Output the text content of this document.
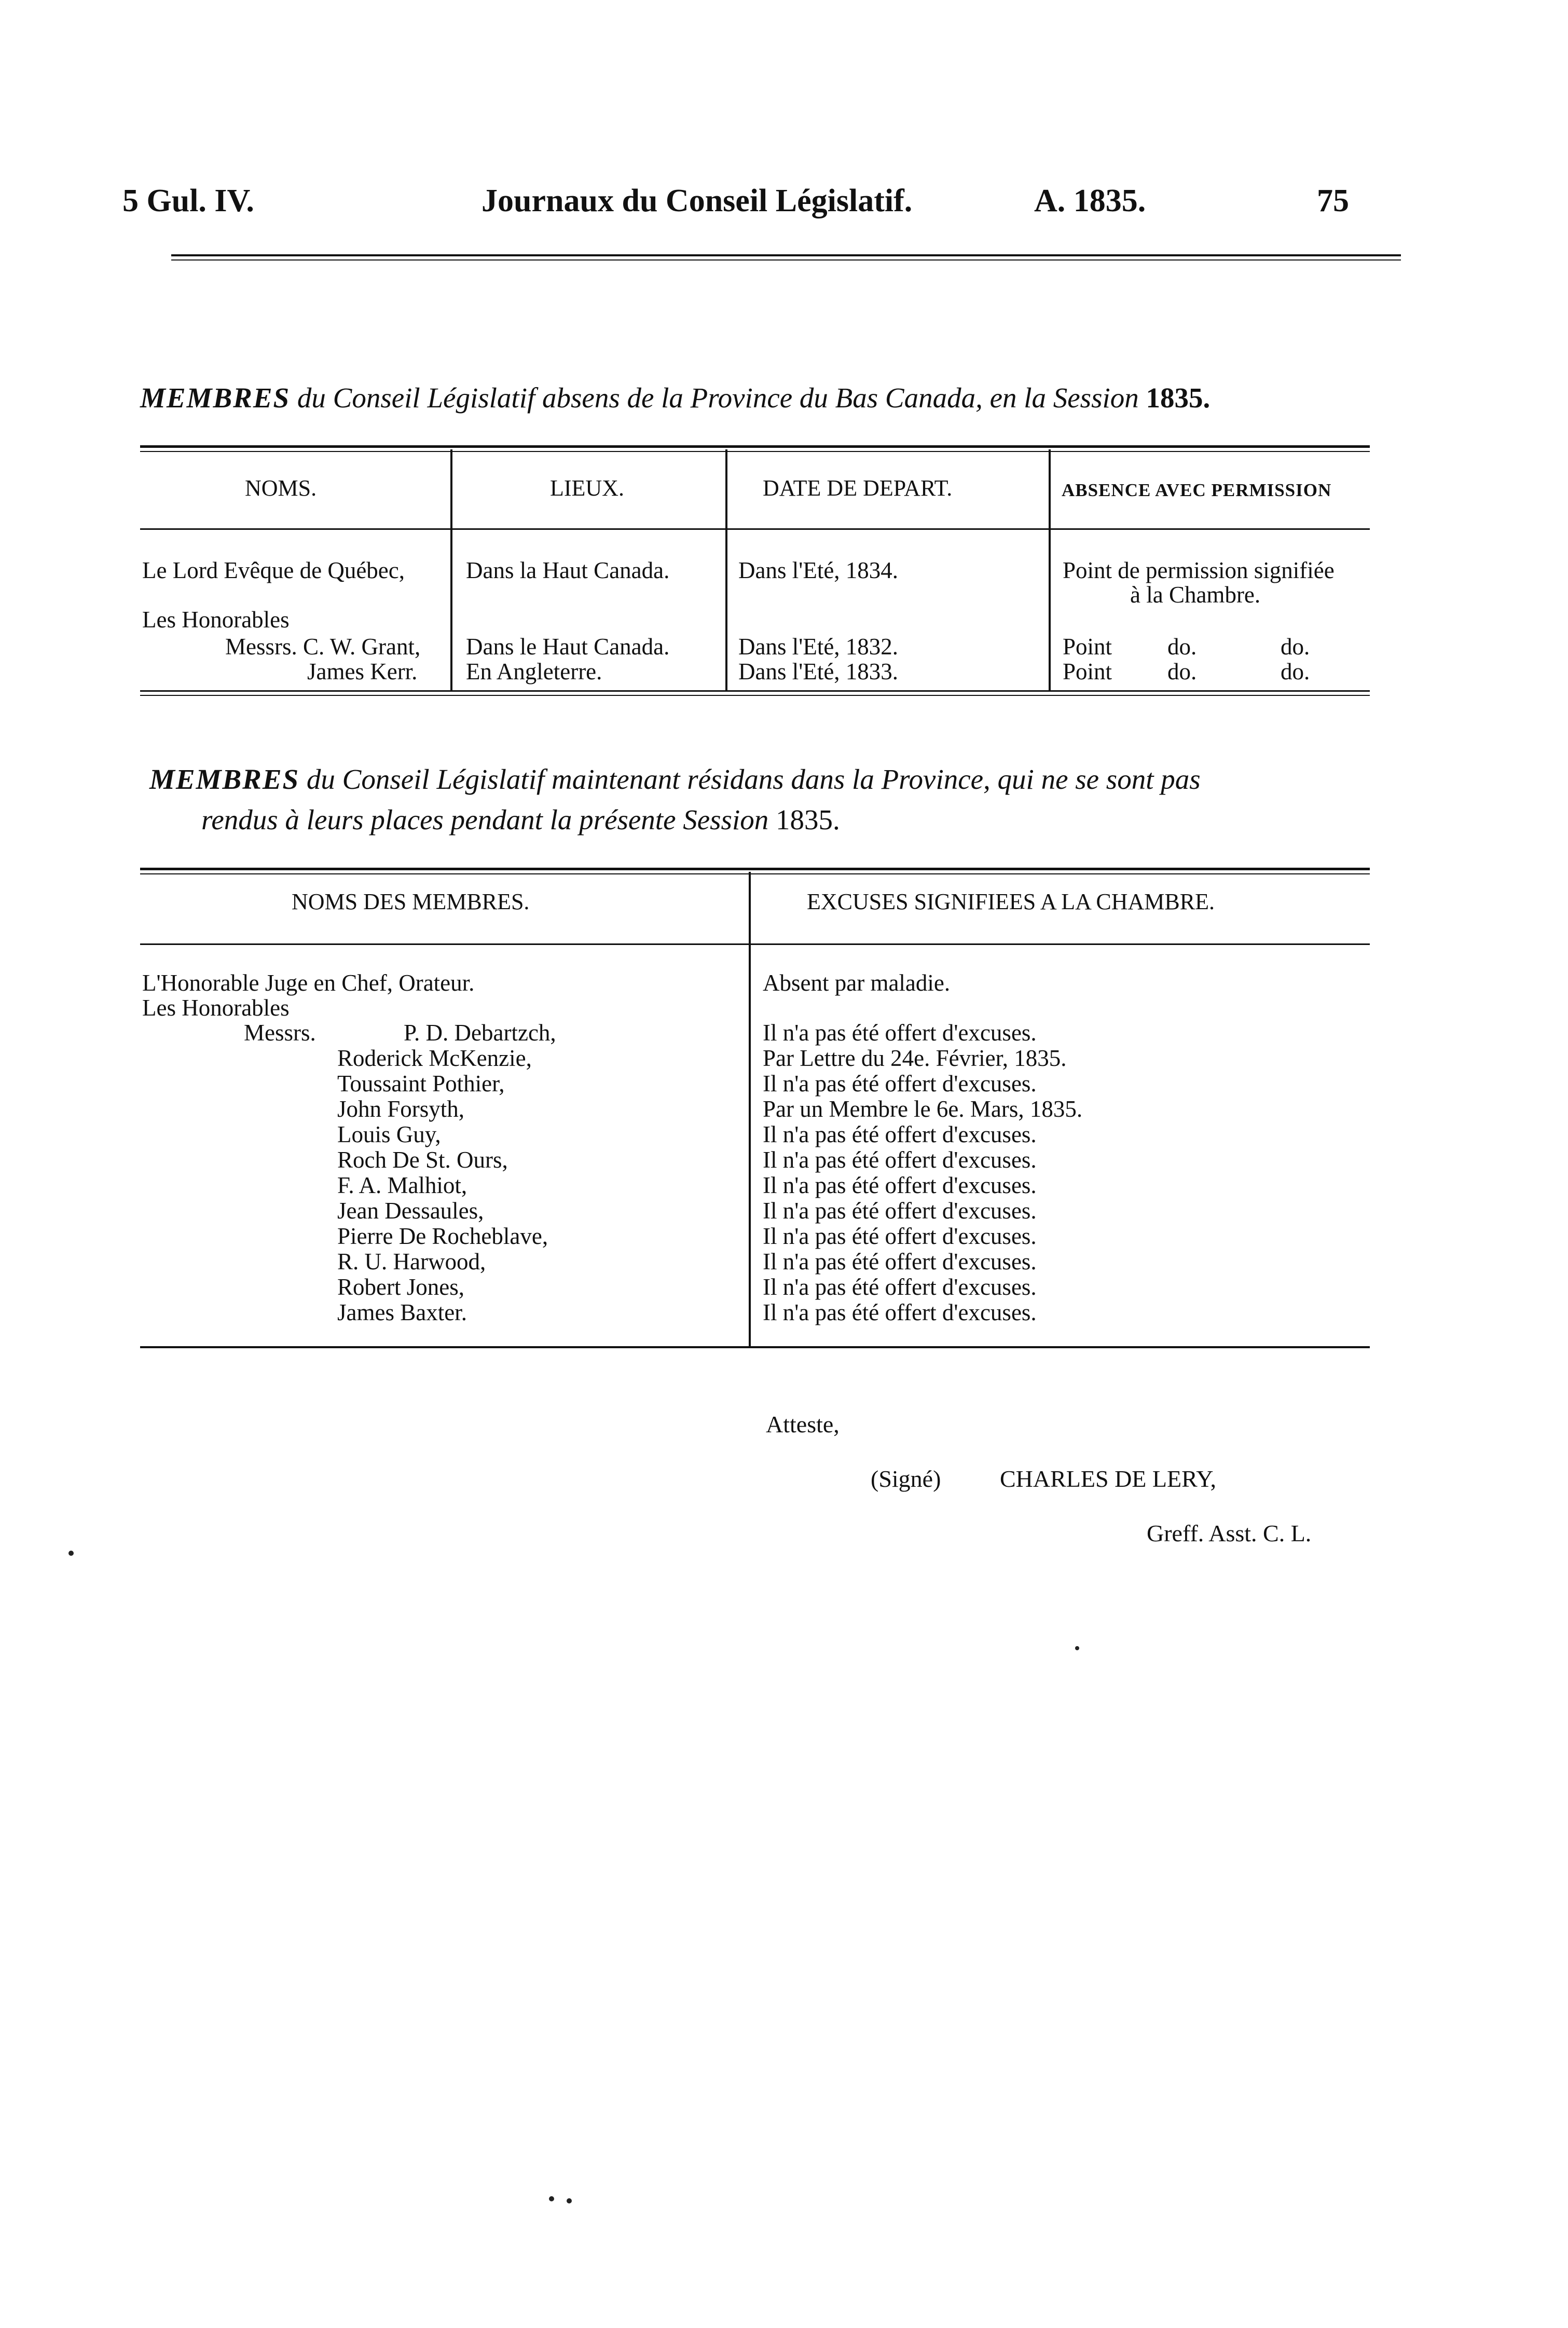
5 Gul. IV.	Journaux du Conseil Législatif.	A. 1835.	75
MEMBRES du Conseil Législatif absens de la Province du Bas Canada, en la Session 1835.
NOMS.	LIEUX.	DATE DE DEPART.	ABSENCE AVEC PERMISSION
Le Lord Evêque de Québec,	Dans la Haut Canada.	Dans l'Eté, 1834.	Point de permission signifiée
à la Chambre.
Les Honorables
Messrs. C. W. Grant, Dans le Haut Canada.	Dans l'Eté, 1832.	Point do.	do.
James Kerr. En Angleterre.	Dans l'Eté, 1833.	Point do.	do.
MEMBRES du Conseil Législatif maintenant résidans dans la Province, qui ne se sont pas
rendus à leurs places pendant la présente Session 1835.
NOMS DES MEMBRES.	EXCUSES SIGNIFIEES A LA CHAMBRE.
L'Honorable Juge en Chef, Orateur.	Absent par maladie.
Les Honorables
Messrs.	P. D. Debartzch,	Il n'a pas été offert d'excuses.
Roderick McKenzie,	Par Lettre du 24e. Février, 1835.
Toussaint Pothier,	Il n'a pas été offert d'excuses.
John Forsyth,	Par un Membre le 6e. Mars, 1835.
Louis Guy,	Il n'a pas été offert d'excuses.
Roch De St. Ours,	Il n'a pas été offert d'excuses.
F. A. Malhiot,	Il n'a pas été offert d'excuses.
Jean Dessaules,	Il n'a pas été offert d'excuses.
Pierre De Rocheblave,	Il n'a pas été offert d'excuses.
R. U. Harwood,	Il n'a pas été offert d'excuses.
Robert Jones,	Il n'a pas été offert d'excuses.
James Baxter.	Il n'a pas été offert d'excuses.
Atteste,
(Signé) CHARLES DE LERY,
Greff. Asst. C. L.
